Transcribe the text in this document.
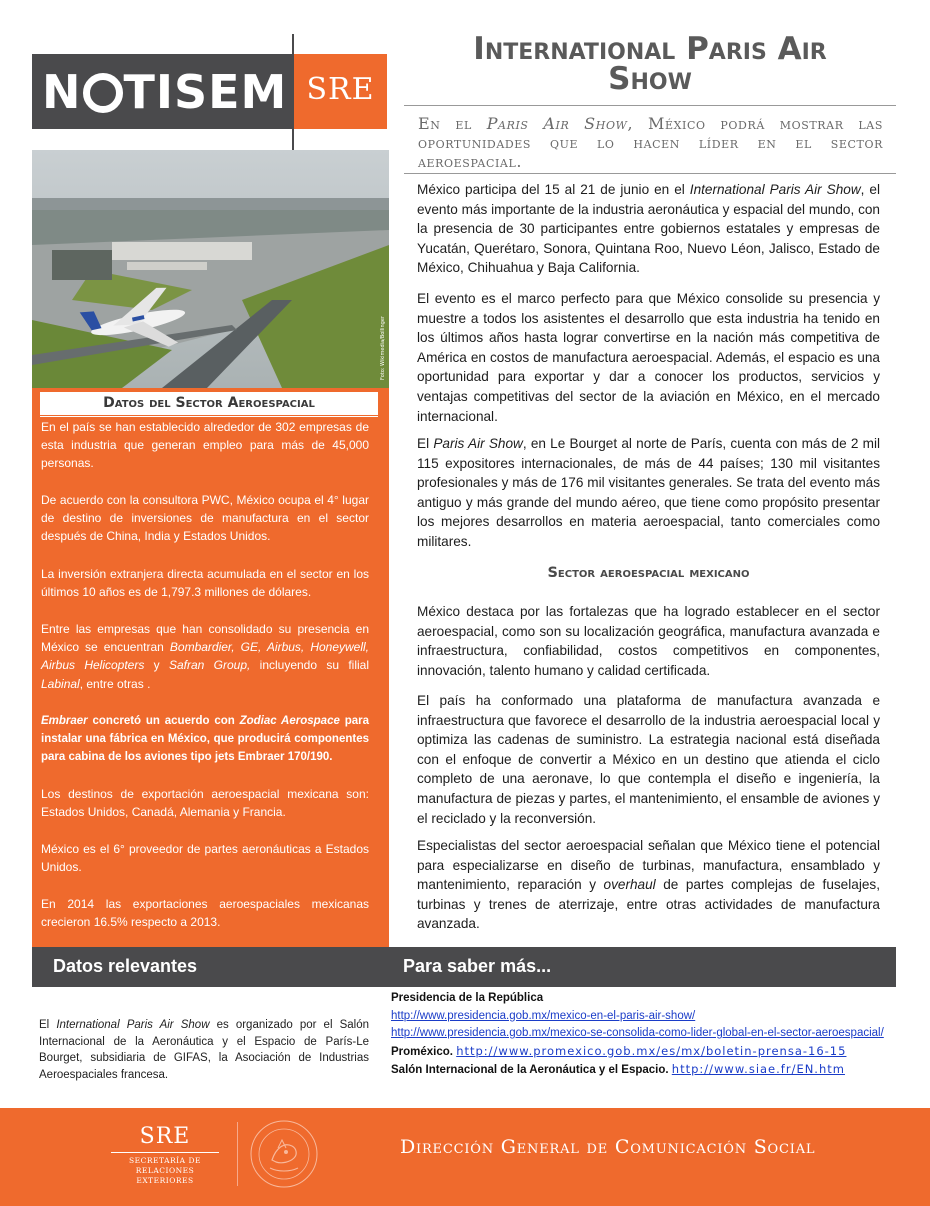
N TISEM SRE
International Paris Air
Show
En el Paris Air Show, México podrá mostrar las oportunidades que lo hacen líder en el sector aeroespacial.
Foto: Wikimedia/Bollinger
Datos del Sector Aeroespacial
En el país se han establecido alrededor de 302 empresas de esta industria que generan empleo para más de 45,000 personas.
De acuerdo con la consultora PWC, México ocupa el 4° lugar de destino de inversiones de manufactura en el sector después de China, India y Estados Unidos.
La inversión extranjera directa acumulada en el sector en los últimos 10 años es de 1,797.3 millones de dólares.
Entre las empresas que han consolidado su presencia en México se encuentran Bombardier, GE, Airbus, Honeywell, Airbus Helicopters y Safran Group, incluyendo su filial Labinal, entre otras .
Embraer concretó un acuerdo con Zodiac Aerospace para instalar una fábrica en México, que producirá componentes para cabina de los aviones tipo jets Embraer 170/190.
Los destinos de exportación aeroespacial mexicana son: Estados Unidos, Canadá, Alemania y Francia.
México es el 6° proveedor de partes aeronáuticas a Estados Unidos.
En 2014 las exportaciones aeroespaciales mexicanas crecieron 16.5% respecto a 2013.
México participa del 15 al 21 de junio en el International Paris Air Show, el evento más importante de la industria aeronáutica y espacial del mundo, con la presencia de 30 participantes entre gobiernos estatales y empresas de Yucatán, Querétaro, Sonora, Quintana Roo, Nuevo Léon, Jalisco, Estado de México, Chihuahua y Baja California.
El evento es el marco perfecto para que México consolide su presencia y muestre a todos los asistentes el desarrollo que esta industria ha tenido en los últimos años hasta lograr convertirse en la nación más competitiva de América en costos de manufactura aeroespacial. Además, el espacio es una oportunidad para exportar y dar a conocer los productos, servicios y ventajas competitivas del sector de la aviación en México, en el mercado internacional.
El Paris Air Show, en Le Bourget al norte de París, cuenta con más de 2 mil 115 expositores internacionales, de más de 44 países; 130 mil visitantes profesionales y más de 176 mil visitantes generales. Se trata del evento más antiguo y más grande del mundo aéreo, que tiene como propósito presentar los mejores desarrollos en materia aeroespacial, tanto comerciales como militares.
Sector aeroespacial mexicano
México destaca por las fortalezas que ha logrado establecer en el sector aeroespacial, como son su localización geográfica, manufactura avanzada e infraestructura, confiabilidad, costos competitivos en componentes, innovación, talento humano y calidad certificada.
El país ha conformado una plataforma de manufactura avanzada e infraestructura que favorece el desarrollo de la industria aeroespacial local y optimiza las cadenas de suministro. La estrategia nacional está diseñada con el enfoque de convertir a México en un destino que atienda el ciclo completo de una aeronave, lo que contempla el diseño e ingeniería, la manufactura de piezas y partes, el mantenimiento, el ensamble de aviones y el reciclado y la reconversión.
Especialistas del sector aeroespacial señalan que México tiene el potencial para especializarse en diseño de turbinas, manufactura, ensamblado y mantenimiento, reparación y overhaul de partes complejas de fuselajes, turbinas y trenes de aterrizaje, entre otras actividades de manufactura avanzada.
Datos relevantes	Para saber más...
El International Paris Air Show es organizado por el Salón Internacional de la Aeronáutica y el Espacio de París-Le Bourget, subsidiaria de GIFAS, la Asociación de Industrias Aeroespaciales francesa.
Presidencia de la República
http://www.presidencia.gob.mx/mexico-en-el-paris-air-show/
http://www.presidencia.gob.mx/mexico-se-consolida-como-lider-global-en-el-sector-aeroespacial/
Proméxico. http://www.promexico.gob.mx/es/mx/boletin-prensa-16-15
Salón Internacional de la Aeronáutica y el Espacio. http://www.siae.fr/EN.htm
SRE
SECRETARÍA DE
RELACIONES EXTERIORES
Dirección General de Comunicación Social
